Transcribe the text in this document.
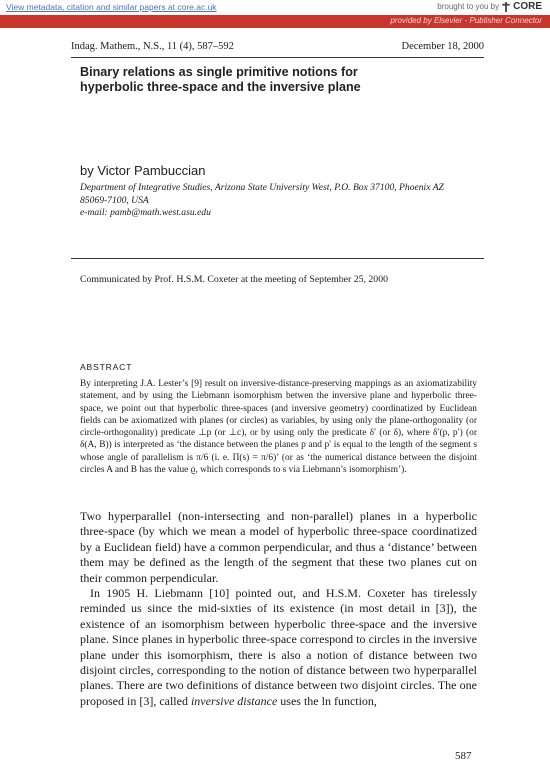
View metadata, citation and similar papers at core.ac.uk	brought to you by CORE
provided by Elsevier - Publisher Connector
Indag. Mathem., N.S., 11 (4), 587–592	December 18, 2000
Binary relations as single primitive notions for hyperbolic three-space and the inversive plane
by Victor Pambuccian
Department of Integrative Studies, Arizona State University West, P.O. Box 37100, Phoenix AZ
85069-7100, USA
e-mail: pamb@math.west.asu.edu
Communicated by Prof. H.S.M. Coxeter at the meeting of September 25, 2000
ABSTRACT
By interpreting J.A. Lester’s [9] result on inversive-distance-preserving mappings as an axiomatizability statement, and by using the Liebmann isomorphism betwen the inversive plane and hyperbolic three-space, we point out that hyperbolic three-spaces (and inversive geometry) coordinatized by Euclidean fields can be axiomatized with planes (or circles) as variables, by using only the plane-orthogonality (or circle-orthogonality) predicate ⊥p (or ⊥c), or by using only the predicate δ′ (or δ), where δ′(p, p′) (or δ(A, B)) is interpreted as ‘the distance between the planes p and p′ is equal to the length of the segment s whose angle of parallelism is π/6 (i. e. Π(s) = π/6)’ (or as ‘the numerical distance between the disjoint circles A and B has the value ϱ, which corresponds to s via Liebmann’s isomorphism’).

Two hyperparallel (non-intersecting and non-parallel) planes in a hyperbolic three-space (by which we mean a model of hyperbolic three-space coordinatized by a Euclidean field) have a common perpendicular, and thus a ‘distance’ between them may be defined as the length of the segment that these two planes cut on their common perpendicular.

In 1905 H. Liebmann [10] pointed out, and H.S.M. Coxeter has tirelessly reminded us since the mid-sixties of its existence (in most detail in [3]), the existence of an isomorphism between hyperbolic three-space and the inversive plane. Since planes in hyperbolic three-space correspond to circles in the inversive plane under this isomorphism, there is also a notion of distance between two disjoint circles, corresponding to the notion of distance between two hyperparallel planes. There are two definitions of distance between two disjoint circles. The one proposed in [3], called inversive distance uses the ln function,

587
